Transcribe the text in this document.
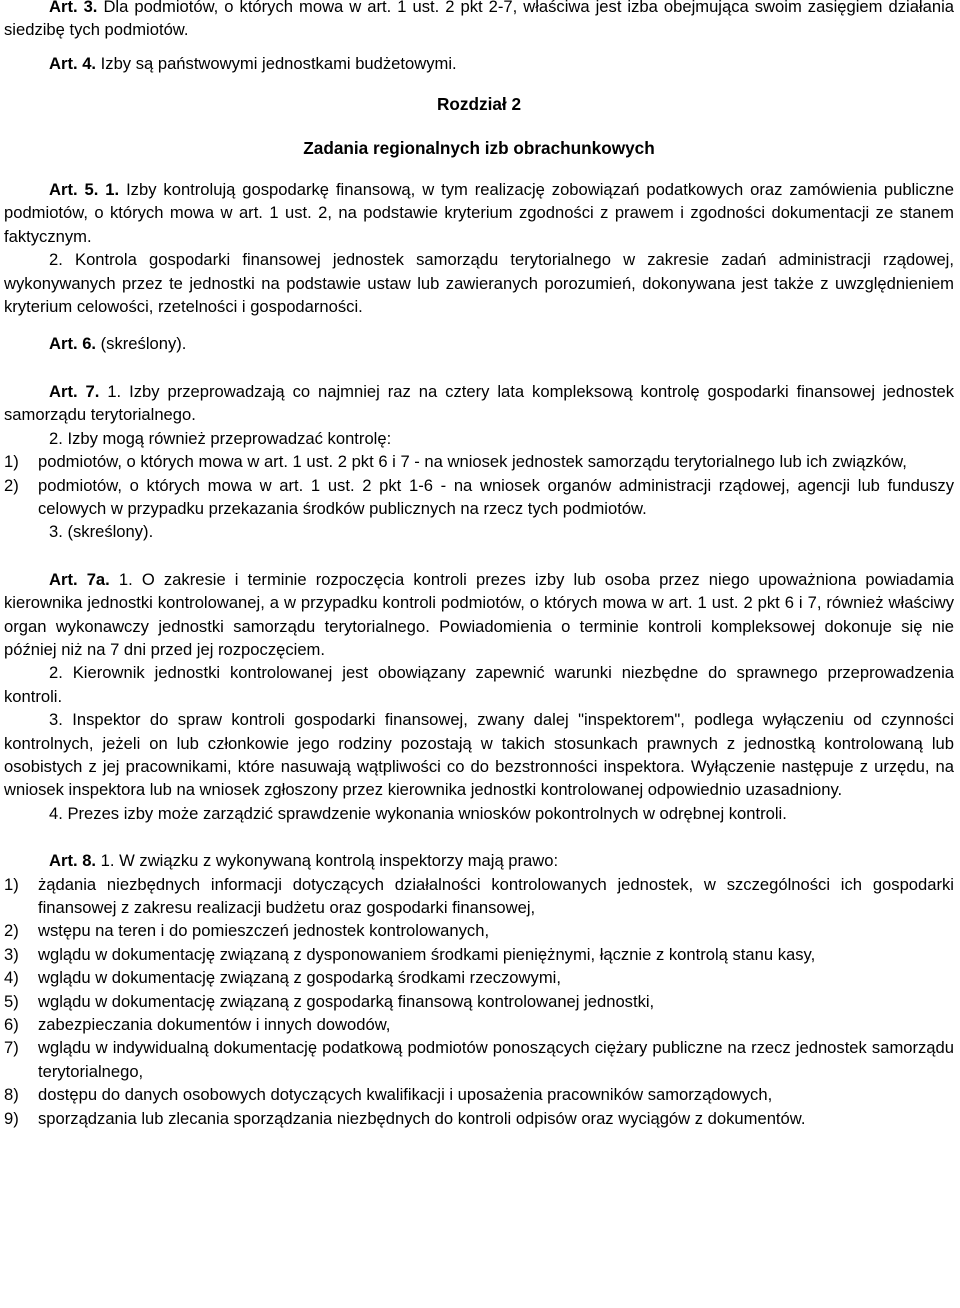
Art. 3. Dla podmiotów, o których mowa w art. 1 ust. 2 pkt 2-7, właściwa jest izba obejmująca swoim zasięgiem działania siedzibę tych podmiotów.

Art. 4. Izby są państwowymi jednostkami budżetowymi.

Rozdział 2

Zadania regionalnych izb obrachunkowych

Art. 5. 1. Izby kontrolują gospodarkę finansową, w tym realizację zobowiązań podatkowych oraz zamówienia publiczne podmiotów, o których mowa w art. 1 ust. 2, na podstawie kryterium zgodności z prawem i zgodności dokumentacji ze stanem faktycznym.

2. Kontrola gospodarki finansowej jednostek samorządu terytorialnego w zakresie zadań administracji rządowej, wykonywanych przez te jednostki na podstawie ustaw lub zawieranych porozumień, dokonywana jest także z uwzględnieniem kryterium celowości, rzetelności i gospodarności.

Art. 6. (skreślony).

Art. 7. 1. Izby przeprowadzają co najmniej raz na cztery lata kompleksową kontrolę gospodarki finansowej jednostek samorządu terytorialnego.

2. Izby mogą również przeprowadzać kontrolę:

1)	podmiotów, o których mowa w art. 1 ust. 2 pkt 6 i 7 - na wniosek jednostek samorządu terytorialnego lub ich związków,
2)	podmiotów, o których mowa w art. 1 ust. 2 pkt 1-6 - na wniosek organów administracji rządowej, agencji lub funduszy celowych w przypadku przekazania środków publicznych na rzecz tych podmiotów.

3. (skreślony).

Art. 7a. 1. O zakresie i terminie rozpoczęcia kontroli prezes izby lub osoba przez niego upoważniona powiadamia kierownika jednostki kontrolowanej, a w przypadku kontroli podmiotów, o których mowa w art. 1 ust. 2 pkt 6 i 7, również właściwy organ wykonawczy jednostki samorządu terytorialnego. Powiadomienia o terminie kontroli kompleksowej dokonuje się nie później niż na 7 dni przed jej rozpoczęciem.

2. Kierownik jednostki kontrolowanej jest obowiązany zapewnić warunki niezbędne do sprawnego przeprowadzenia kontroli.

3. Inspektor do spraw kontroli gospodarki finansowej, zwany dalej "inspektorem", podlega wyłączeniu od czynności kontrolnych, jeżeli on lub członkowie jego rodziny pozostają w takich stosunkach prawnych z jednostką kontrolowaną lub osobistych z jej pracownikami, które nasuwają wątpliwości co do bezstronności inspektora. Wyłączenie następuje z urzędu, na wniosek inspektora lub na wniosek zgłoszony przez kierownika jednostki kontrolowanej odpowiednio uzasadniony.

4. Prezes izby może zarządzić sprawdzenie wykonania wniosków pokontrolnych w odrębnej kontroli.

Art. 8. 1. W związku z wykonywaną kontrolą inspektorzy mają prawo:

1)	żądania niezbędnych informacji dotyczących działalności kontrolowanych jednostek, w szczególności ich gospodarki finansowej z zakresu realizacji budżetu oraz gospodarki finansowej,
2)	wstępu na teren i do pomieszczeń jednostek kontrolowanych,
3)	wglądu w dokumentację związaną z dysponowaniem środkami pieniężnymi, łącznie z kontrolą stanu kasy,
4)	wglądu w dokumentację związaną z gospodarką środkami rzeczowymi,
5)	wglądu w dokumentację związaną z gospodarką finansową kontrolowanej jednostki,
6)	zabezpieczania dokumentów i innych dowodów,
7)	wglądu w indywidualną dokumentację podatkową podmiotów ponoszących ciężary publiczne na rzecz jednostek samorządu terytorialnego,
8)	dostępu do danych osobowych dotyczących kwalifikacji i uposażenia pracowników samorządowych,
9)	sporządzania lub zlecania sporządzania niezbędnych do kontroli odpisów oraz wyciągów z dokumentów.
